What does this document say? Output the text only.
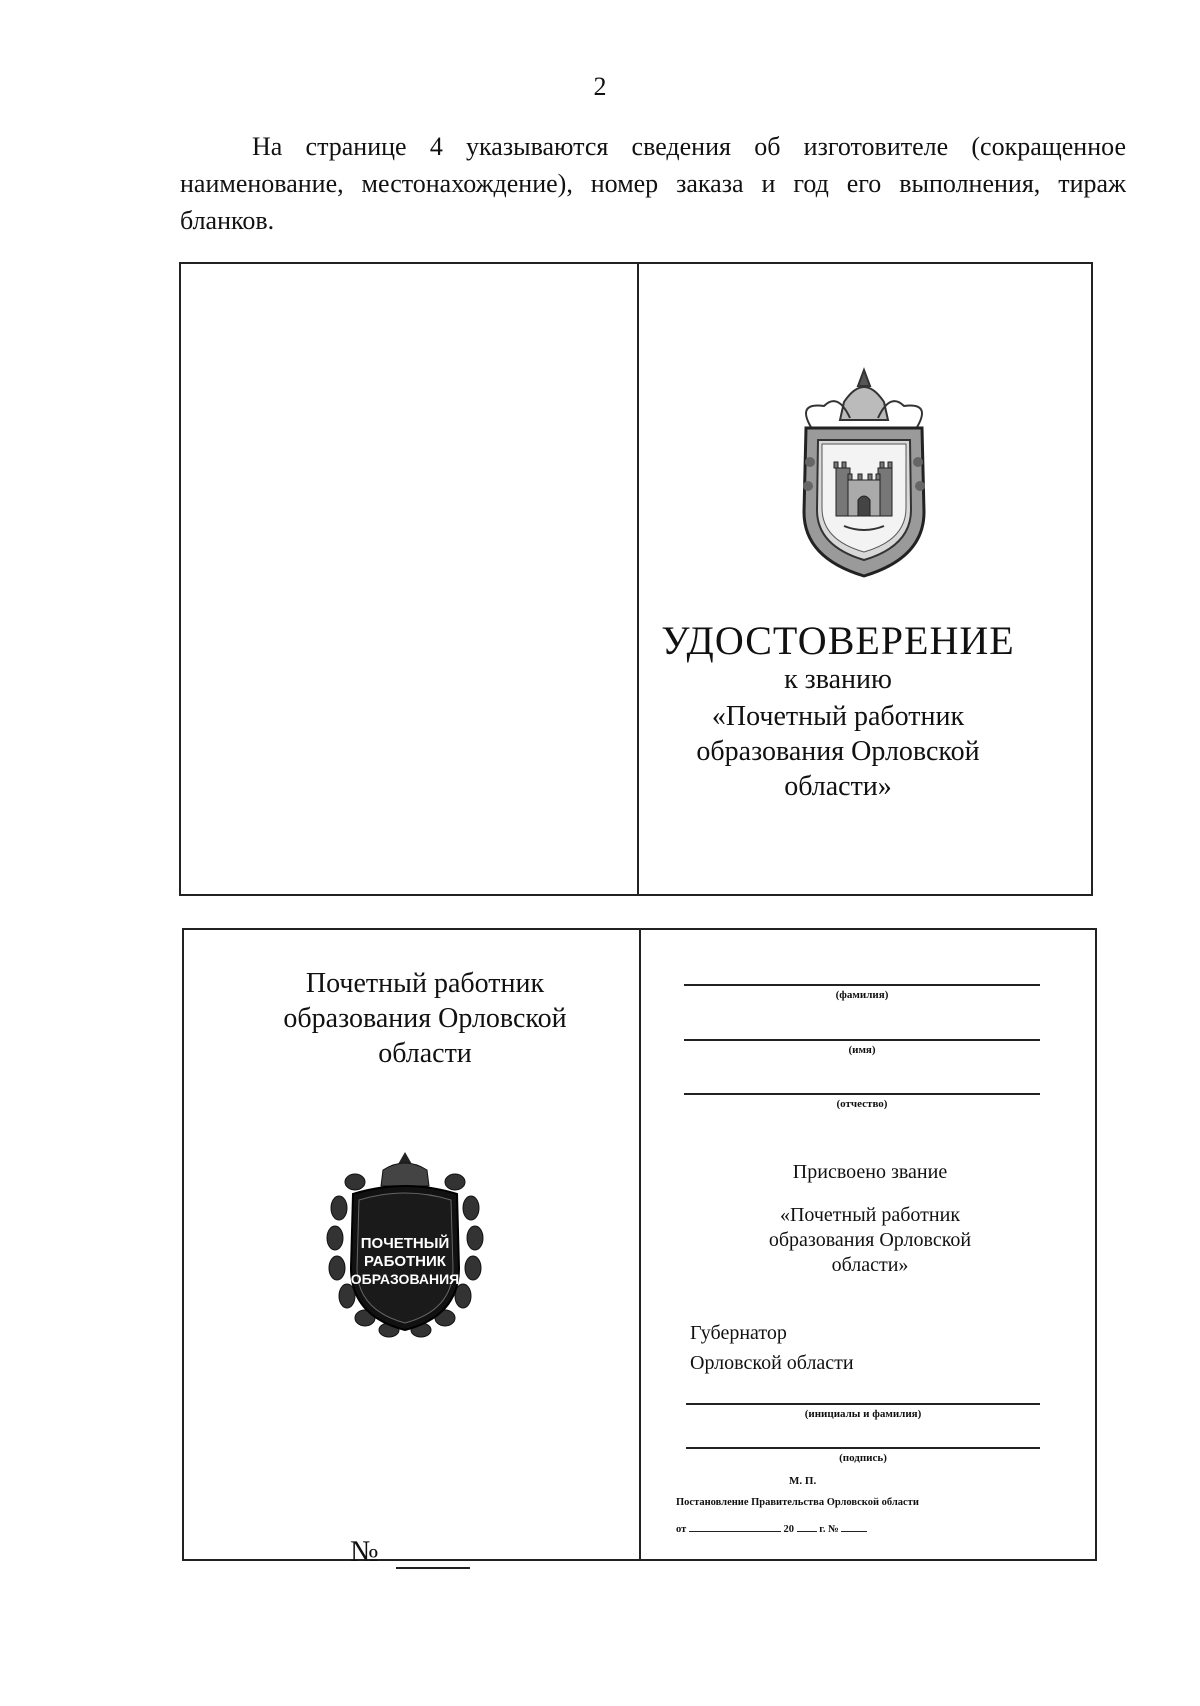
2
На странице 4 указываются сведения об изготовителе (сокращенное наименование, местонахождение), номер заказа и год его выполнения, тираж бланков.
УДОСТОВЕРЕНИЕ
к званию
«Почетный работник
образования Орловской
области»
Почетный работник
образования Орловской
области
ПОЧЕТНЫЙ
РАБОТНИК
ОБРАЗОВАНИЯ
№
(фамилия)
(имя)
(отчество)
Присвоено звание
«Почетный работник
образования Орловской
области»
Губернатор
Орловской области
(инициалы и фамилия)
(подпись)
М. П.
Постановление Правительства Орловской области
от	20 г. №
